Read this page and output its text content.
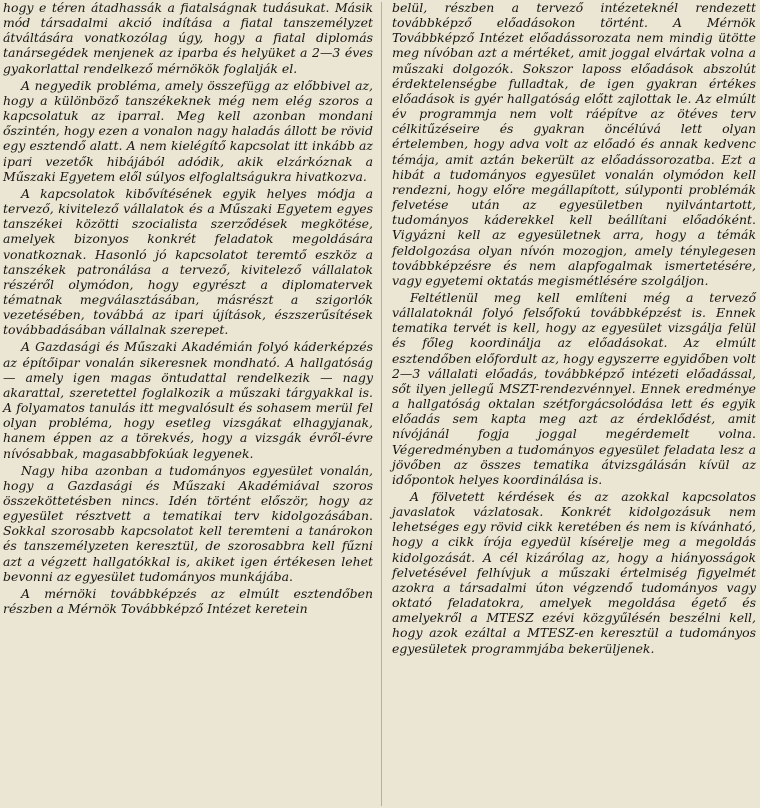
hogy e téren átadhassák a fiatalságnak tudásukat. Másik mód társadalmi akció indítása a fiatal tanszemélyzet átváltására vonatkozólag úgy, hogy a fiatal diplomás tanársegédek menjenek az iparba és helyüket a 2—3 éves gyakorlattal rendelkező mérnökök foglalják el.

A negyedik probléma, amely összefügg az előbbivel az, hogy a különböző tanszékeknek még nem elég szoros a kapcsolatuk az iparral. Meg kell azonban mondani őszintén, hogy ezen a vonalon nagy haladás állott be rövid egy esztendő alatt. A nem kielégítő kapcsolat itt inkább az ipari vezetők hibájából adódik, akik elzárkóznak a Műszaki Egyetem elől súlyos elfoglaltságukra hivatkozva.

A kapcsolatok kibővítésének egyik helyes módja a tervező, kivitelező vállalatok és a Műszaki Egyetem egyes tanszékei közötti szocialista szerződések megkötése, amelyek bizonyos konkrét feladatok megoldására vonatkoznak. Hasonló jó kapcsolatot teremtő eszköz a tanszékek patronálása a tervező, kivitelező vállalatok részéről olymódon, hogy egyrészt a diplomatervek tématnak megválasztásában, másrészt a szigorlók vezetésében, továbbá az ipari újítások, észszerűsítések továbbadásában vállalnak szerepet.

A Gazdasági és Műszaki Akadémián folyó káderképzés az építőipar vonalán sikeresnek mondható. A hallgatóság — amely igen magas öntudattal rendelkezik — nagy akarattal, szeretettel foglalkozik a műszaki tárgyakkal is. A folyamatos tanulás itt megvalósult és sohasem merül fel olyan probléma, hogy esetleg vizsgákat elhagyjanak, hanem éppen az a törekvés, hogy a vizsgák évről-évre nívósabbak, magasabbfokúak legyenek.

Nagy hiba azonban a tudományos egyesület vonalán, hogy a Gazdasági és Műszaki Akadémiával szoros összeköttetésben nincs. Idén történt először, hogy az egyesület résztvett a tematikai terv kidolgozásában. Sokkal szorosabb kapcsolatot kell teremteni a tanárokon és tanszemélyzeten keresztül, de szorosabbra kell fűzni azt a végzett hallgatókkal is, akiket igen értékesen lehet bevonni az egyesület tudományos munkájába.

A mérnöki továbbképzés az elmúlt esztendőben részben a Mérnök Továbbképző Intézet keretein

belül, részben a tervező intézeteknél rendezett továbbképző előadásokon történt. A Mérnök Továbbképző Intézet előadássorozata nem mindig ütötte meg nívóban azt a mértéket, amit joggal elvártak volna a műszaki dolgozók. Sokszor laposs előadások abszolút érdektelenségbe fulladtak, de igen gyakran értékes előadások is gyér hallgatóság előtt zajlottak le. Az elmúlt év programmja nem volt ráépítve az ötéves terv célkitűzéseire és gyakran öncélúvá lett olyan értelemben, hogy adva volt az előadó és annak kedvenc témája, amit aztán bekerült az előadássorozatba. Ezt a hibát a tudományos egyesület vonalán olymódon kell rendezni, hogy előre megállapított, súlyponti problémák felvetése után az egyesületben nyilvántartott, tudományos káderekkel kell beállítani előadóként. Vigyázni kell az egyesületnek arra, hogy a témák feldolgozása olyan nívón mozogjon, amely ténylegesen továbbképzésre és nem alapfogalmak ismertetésére, vagy egyetemi oktatás megismétlésére szolgáljon.

Feltétlenül meg kell említeni még a tervező vállalatoknál folyó felsőfokú továbbképzést is. Ennek tematika tervét is kell, hogy az egyesület vizsgálja felül és főleg koordinálja az előadásokat. Az elmúlt esztendőben előfordult az, hogy egyszerre egyidőben volt 2—3 vállalati előadás, továbbképző intézeti előadással, sőt ilyen jellegű MSZT-rendezvénnyel. Ennek eredménye a hallgatóság oktalan szétforgácsolódása lett és egyik előadás sem kapta meg azt az érdeklődést, amit nívójánál fogja joggal megérdemelt volna. Végeredményben a tudományos egyesület feladata lesz a jövőben az összes tematika átvizsgálásán kívül az időpontok helyes koordinálása is.

A fölvetett kérdések és az azokkal kapcsolatos javaslatok vázlatosak. Konkrét kidolgozásuk nem lehetséges egy rövid cikk keretében és nem is kívánható, hogy a cikk írója egyedül kísérelje meg a megoldás kidolgozását. A cél kizárólag az, hogy a hiányosságok felvetésével felhívjuk a műszaki értelmiség figyelmét azokra a társadalmi úton végzendő tudományos vagy oktató feladatokra, amelyek megoldása égető és amelyekről a MTESZ ezévi közgyűlésén beszélni kell, hogy azok ezáltal a MTESZ-en keresztül a tudományos egyesületek programmjába bekerüljenek.
